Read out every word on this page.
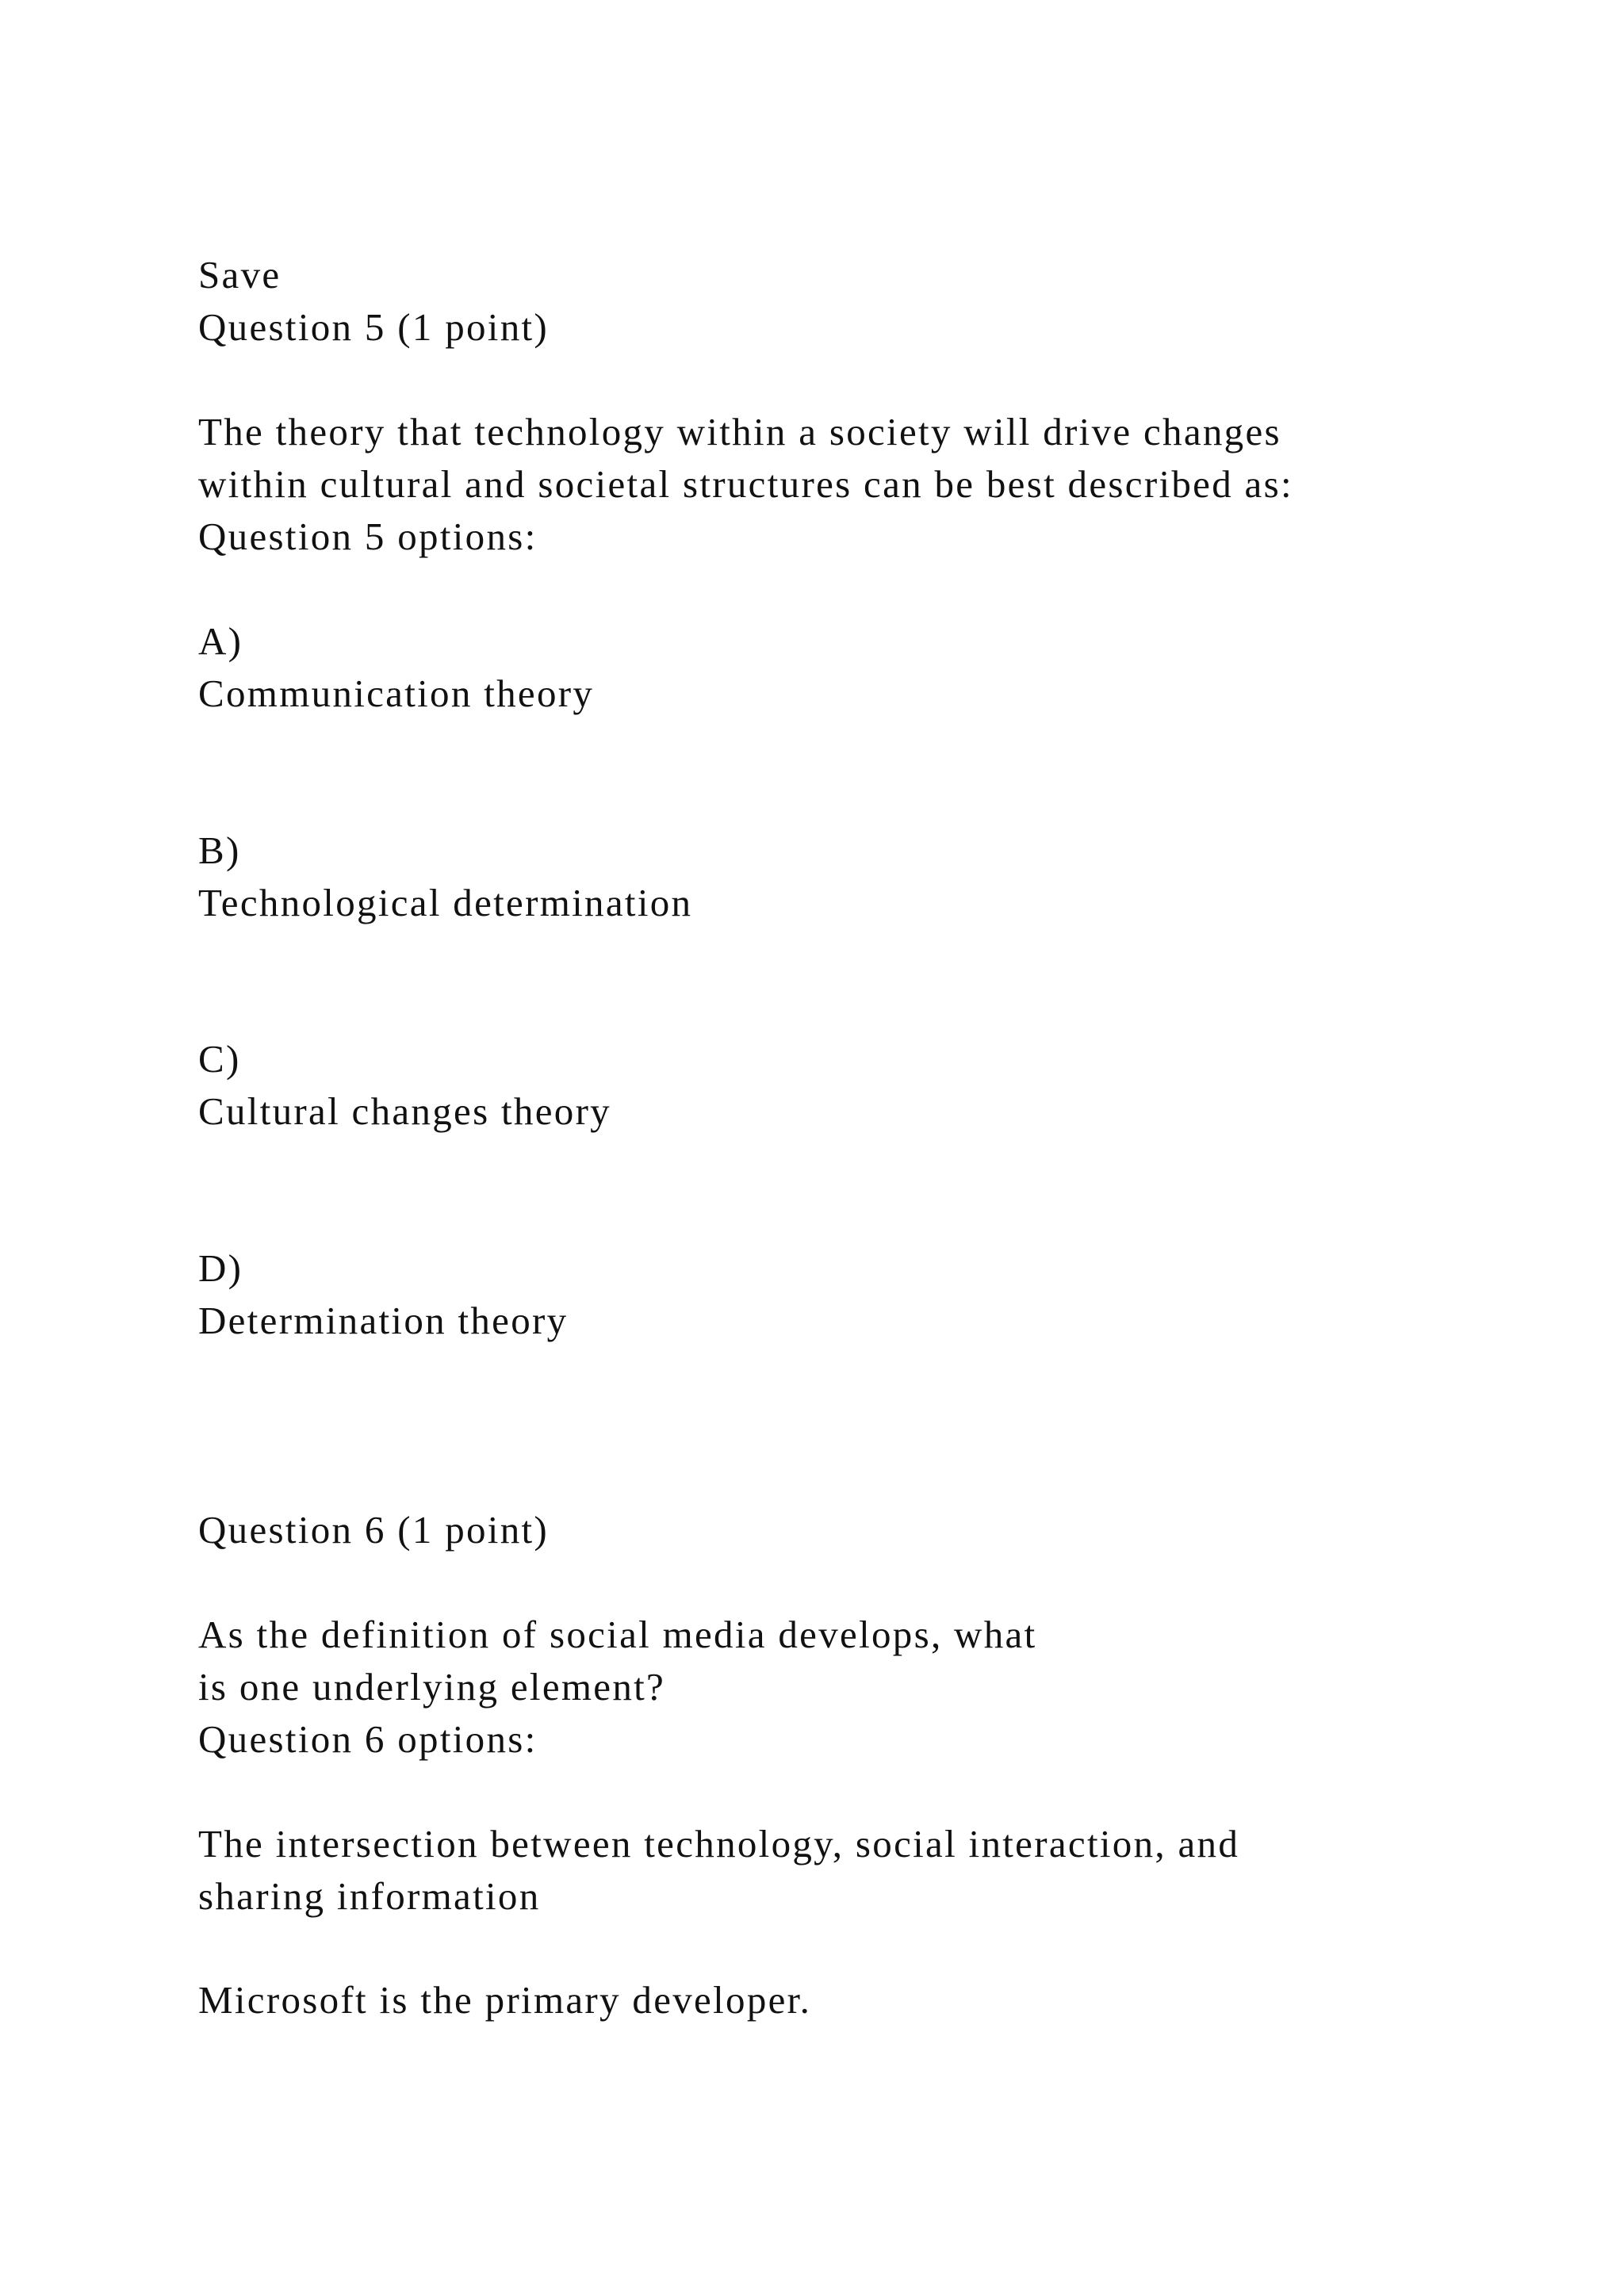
Save
Question 5 (1 point)
The theory that technology within a society will drive changes
within cultural and societal structures can be best described as:
Question 5 options:
A)
Communication theory
B)
Technological determination
C)
Cultural changes theory
D)
Determination theory
Question 6 (1 point)
As the definition of social media develops, what
is one underlying element?
Question 6 options:
The intersection between technology, social interaction, and
sharing information
Microsoft is the primary developer.
